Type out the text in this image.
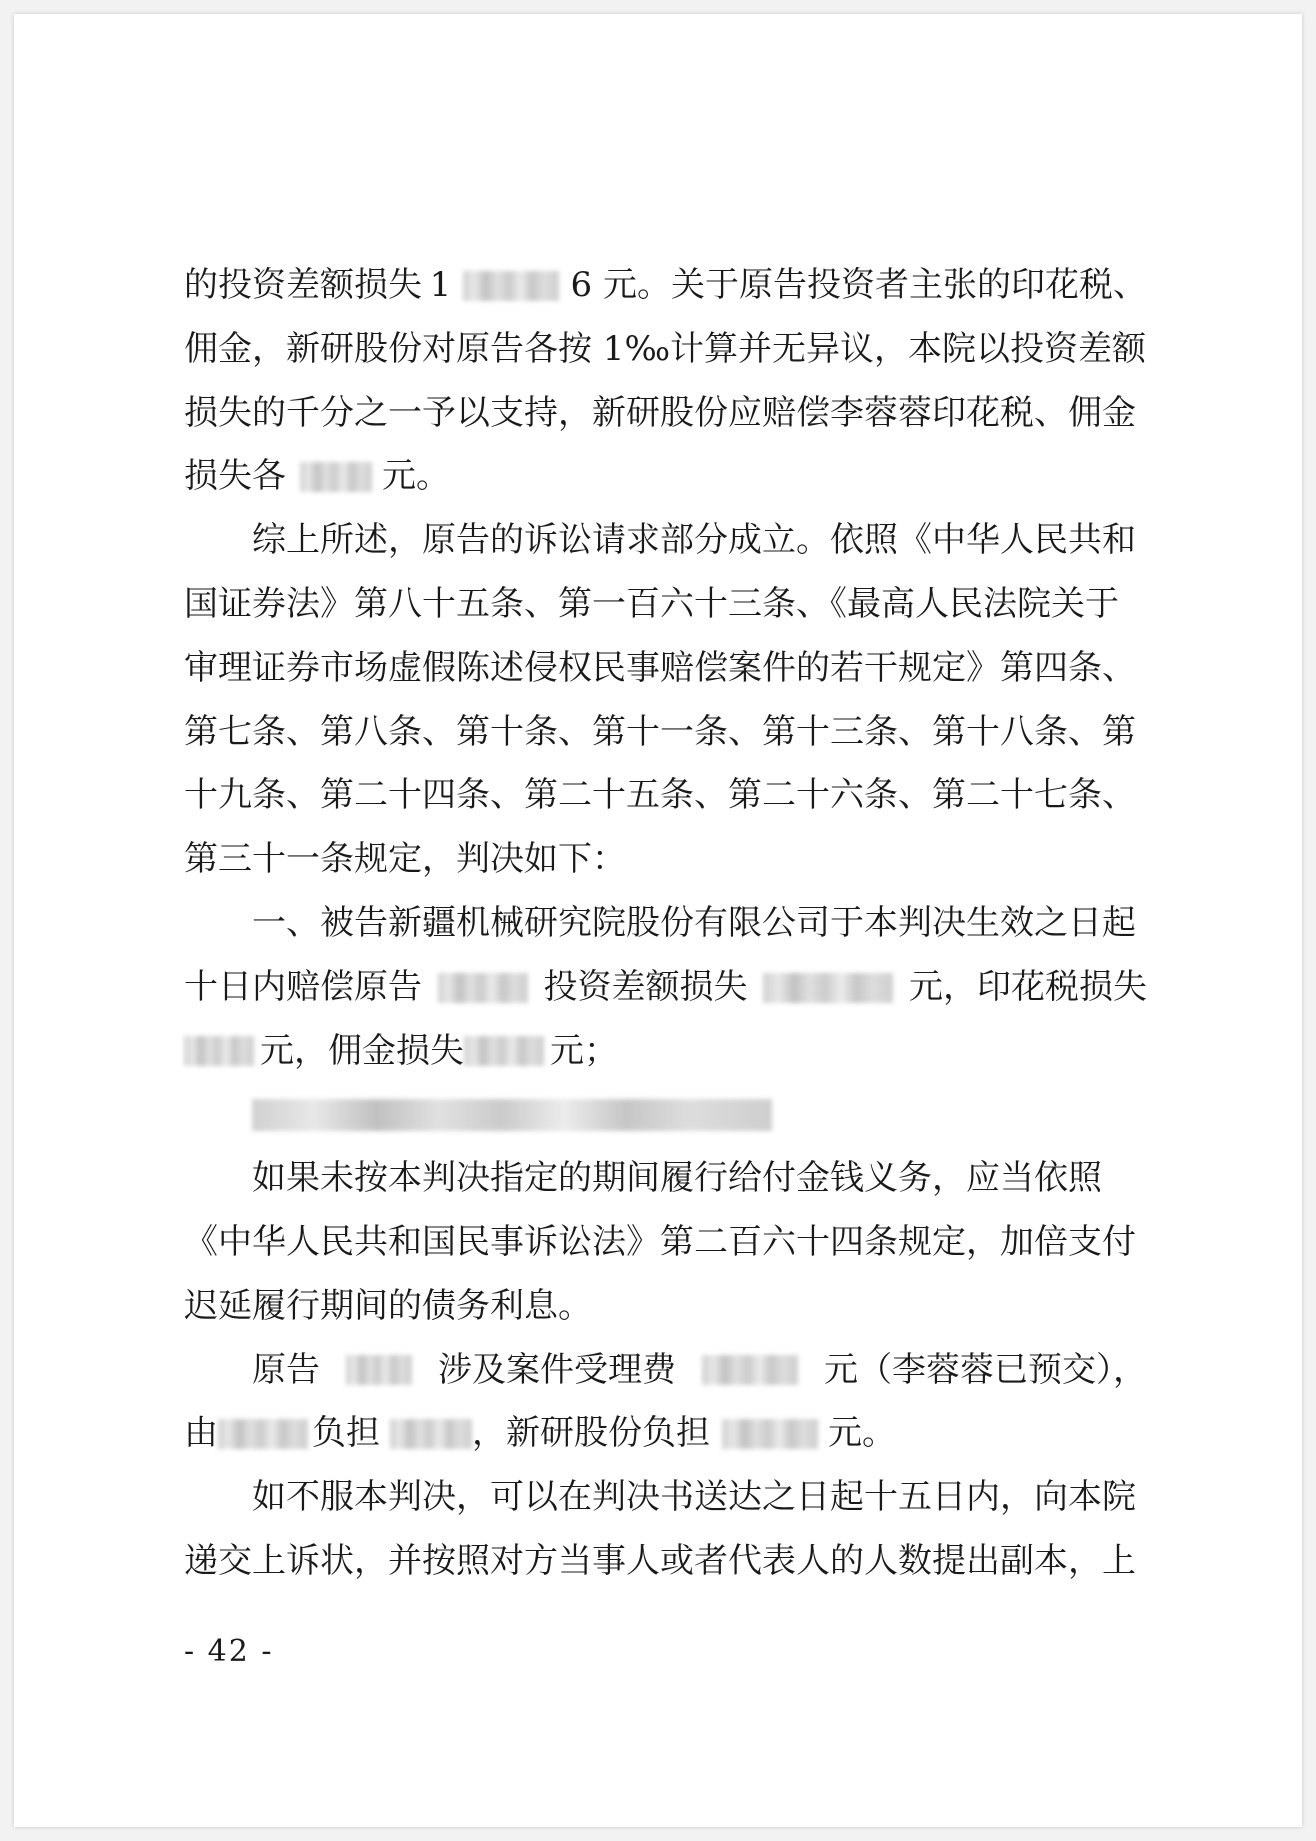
的投资差额损失 1	6 元。关于原告投资者主张的印花税、
佣金，新研股份对原告各按 1‰计算并无异议，本院以投资差额
损失的千分之一予以支持，新研股份应赔偿李蓉蓉印花税、佣金
损失各	元。
综上所述，原告的诉讼请求部分成立。依照《中华人民共和
国证券法》第八十五条、第一百六十三条、《最高人民法院关于
审理证券市场虚假陈述侵权民事赔偿案件的若干规定》第四条、
第七条、第八条、第十条、第十一条、第十三条、第十八条、第
十九条、第二十四条、第二十五条、第二十六条、第二十七条、
第三十一条规定，判决如下：
一、被告新疆机械研究院股份有限公司于本判决生效之日起
十日内赔偿原告	投资差额损失	元，印花税损失
元，佣金损失	元；
如果未按本判决指定的期间履行给付金钱义务，应当依照
《中华人民共和国民事诉讼法》第二百六十四条规定，加倍支付
迟延履行期间的债务利息。
原告	涉及案件受理费	元（李蓉蓉已预交），
由	负担	，新研股份负担	元。
如不服本判决，可以在判决书送达之日起十五日内，向本院
递交上诉状，并按照对方当事人或者代表人的人数提出副本，上
- 42 -
